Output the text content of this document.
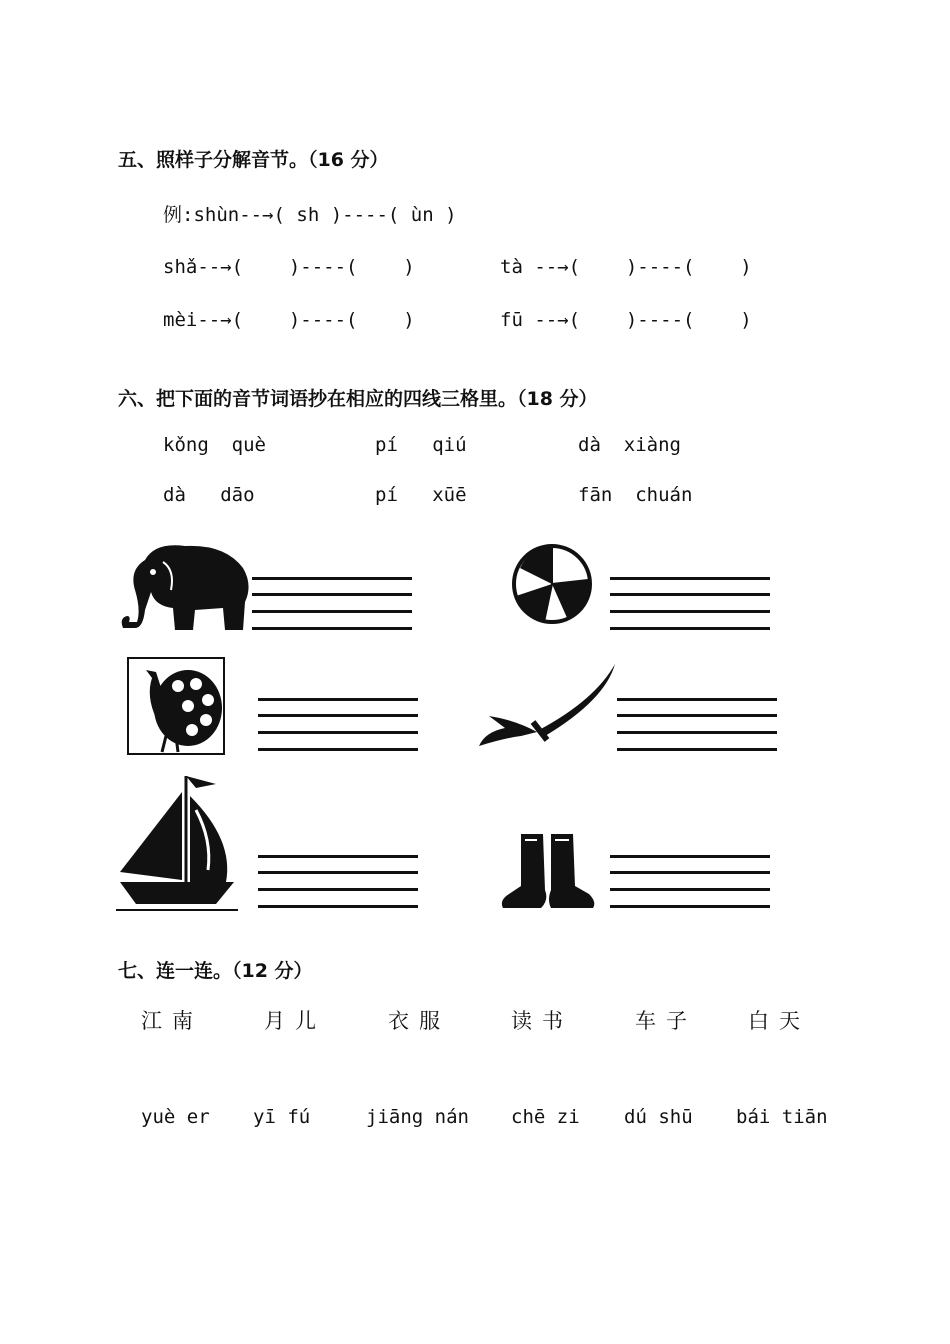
五、照样子分解音节。（16 分）
例:shùn--→( sh )----( ùn )
shǎ--→(    )----(    )	tà --→(    )----(    )
mèi--→(    )----(    )	fū --→(    )----(    )
六、把下面的音节词语抄在相应的四线三格里。（18 分）
kǒng  què	pí   qiú	dà  xiàng
dà   dāo	pí   xūē	fān  chuán
七、连一连。（12 分）
江南	月儿	衣服	读书	车子 白天
yuè er yī fú	jiāng nán chē zi dú shū bái tiān
